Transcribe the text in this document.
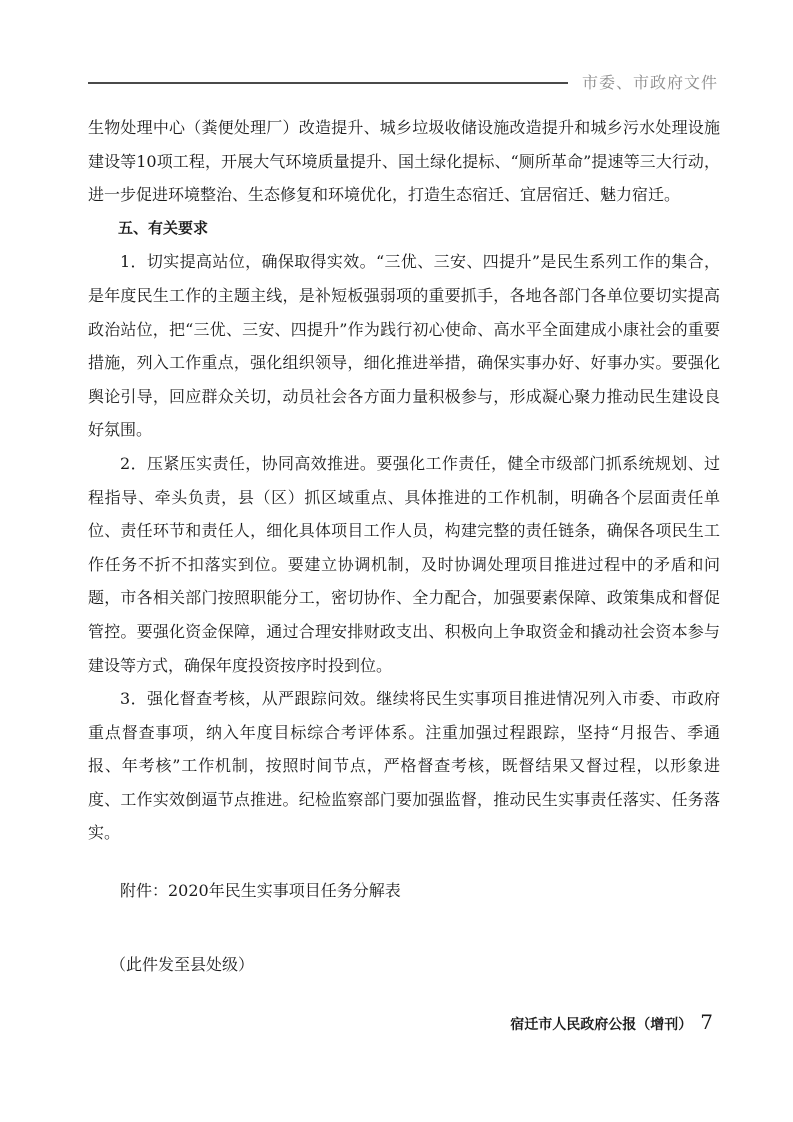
市委、市政府文件

生物处理中心（粪便处理厂）改造提升、城乡垃圾收储设施改造提升和城乡污水处理设施建设等10项工程，开展大气环境质量提升、国土绿化提标、“厕所革命”提速等三大行动，进一步促进环境整治、生态修复和环境优化，打造生态宿迁、宜居宿迁、魅力宿迁。

五、有关要求

1．切实提高站位，确保取得实效。“三优、三安、四提升”是民生系列工作的集合，是年度民生工作的主题主线，是补短板强弱项的重要抓手，各地各部门各单位要切实提高政治站位，把“三优、三安、四提升”作为践行初心使命、高水平全面建成小康社会的重要措施，列入工作重点，强化组织领导，细化推进举措，确保实事办好、好事办实。要强化舆论引导，回应群众关切，动员社会各方面力量积极参与，形成凝心聚力推动民生建设良好氛围。

2．压紧压实责任，协同高效推进。要强化工作责任，健全市级部门抓系统规划、过程指导、牵头负责，县（区）抓区域重点、具体推进的工作机制，明确各个层面责任单位、责任环节和责任人，细化具体项目工作人员，构建完整的责任链条，确保各项民生工作任务不折不扣落实到位。要建立协调机制，及时协调处理项目推进过程中的矛盾和问题，市各相关部门按照职能分工，密切协作、全力配合，加强要素保障、政策集成和督促管控。要强化资金保障，通过合理安排财政支出、积极向上争取资金和撬动社会资本参与建设等方式，确保年度投资按序时投到位。

3．强化督查考核，从严跟踪问效。继续将民生实事项目推进情况列入市委、市政府重点督查事项，纳入年度目标综合考评体系。注重加强过程跟踪，坚持“月报告、季通报、年考核”工作机制，按照时间节点，严格督查考核，既督结果又督过程，以形象进度、工作实效倒逼节点推进。纪检监察部门要加强监督，推动民生实事责任落实、任务落实。

附件：2020年民生实事项目任务分解表
（此件发至县处级）
宿迁市人民政府公报（增刊） 7
